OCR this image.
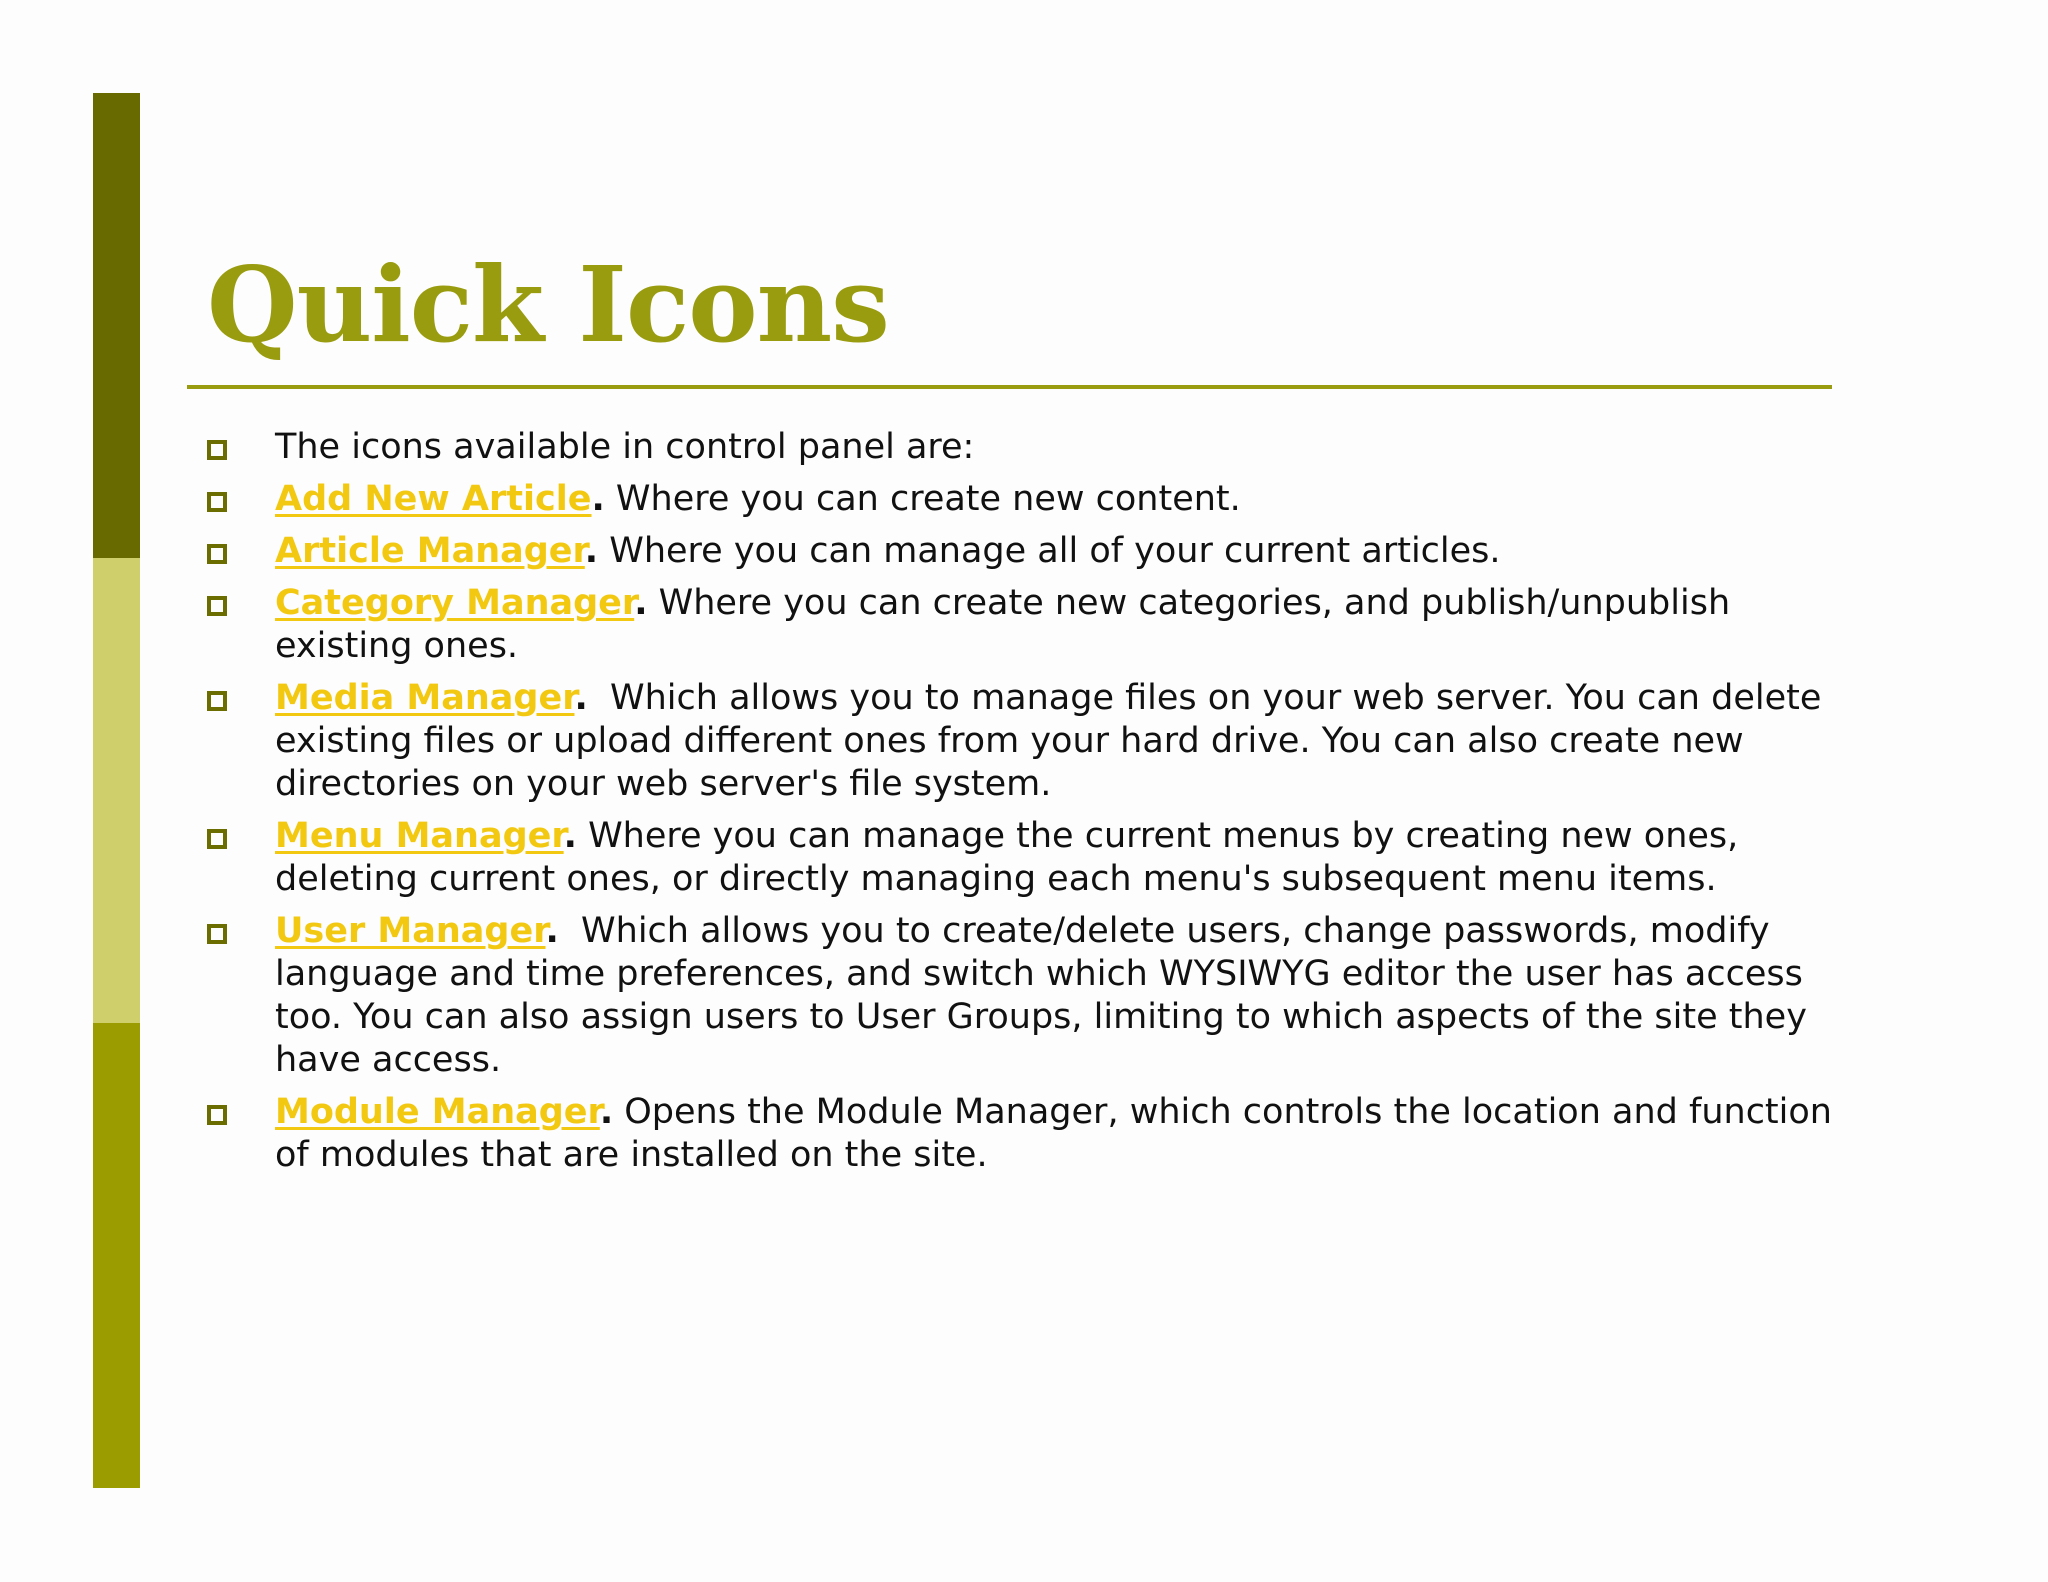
Quick Icons
The icons available in control panel are:
Add New Article. Where you can create new content.
Article Manager. Where you can manage all of your current articles.
Category Manager. Where you can create new categories, and publish/unpublish existing ones.
Media Manager.  Which allows you to manage files on your web server. You can delete existing files or upload different ones from your hard drive. You can also create new directories on your web server's file system.
Menu Manager. Where you can manage the current menus by creating new ones, deleting current ones, or directly managing each menu's subsequent menu items.
User Manager.  Which allows you to create/delete users, change passwords, modify language and time preferences, and switch which WYSIWYG editor the user has access too. You can also assign users to User Groups, limiting to which aspects of the site they have access.
Module Manager. Opens the Module Manager, which controls the location and function of modules that are installed on the site.
